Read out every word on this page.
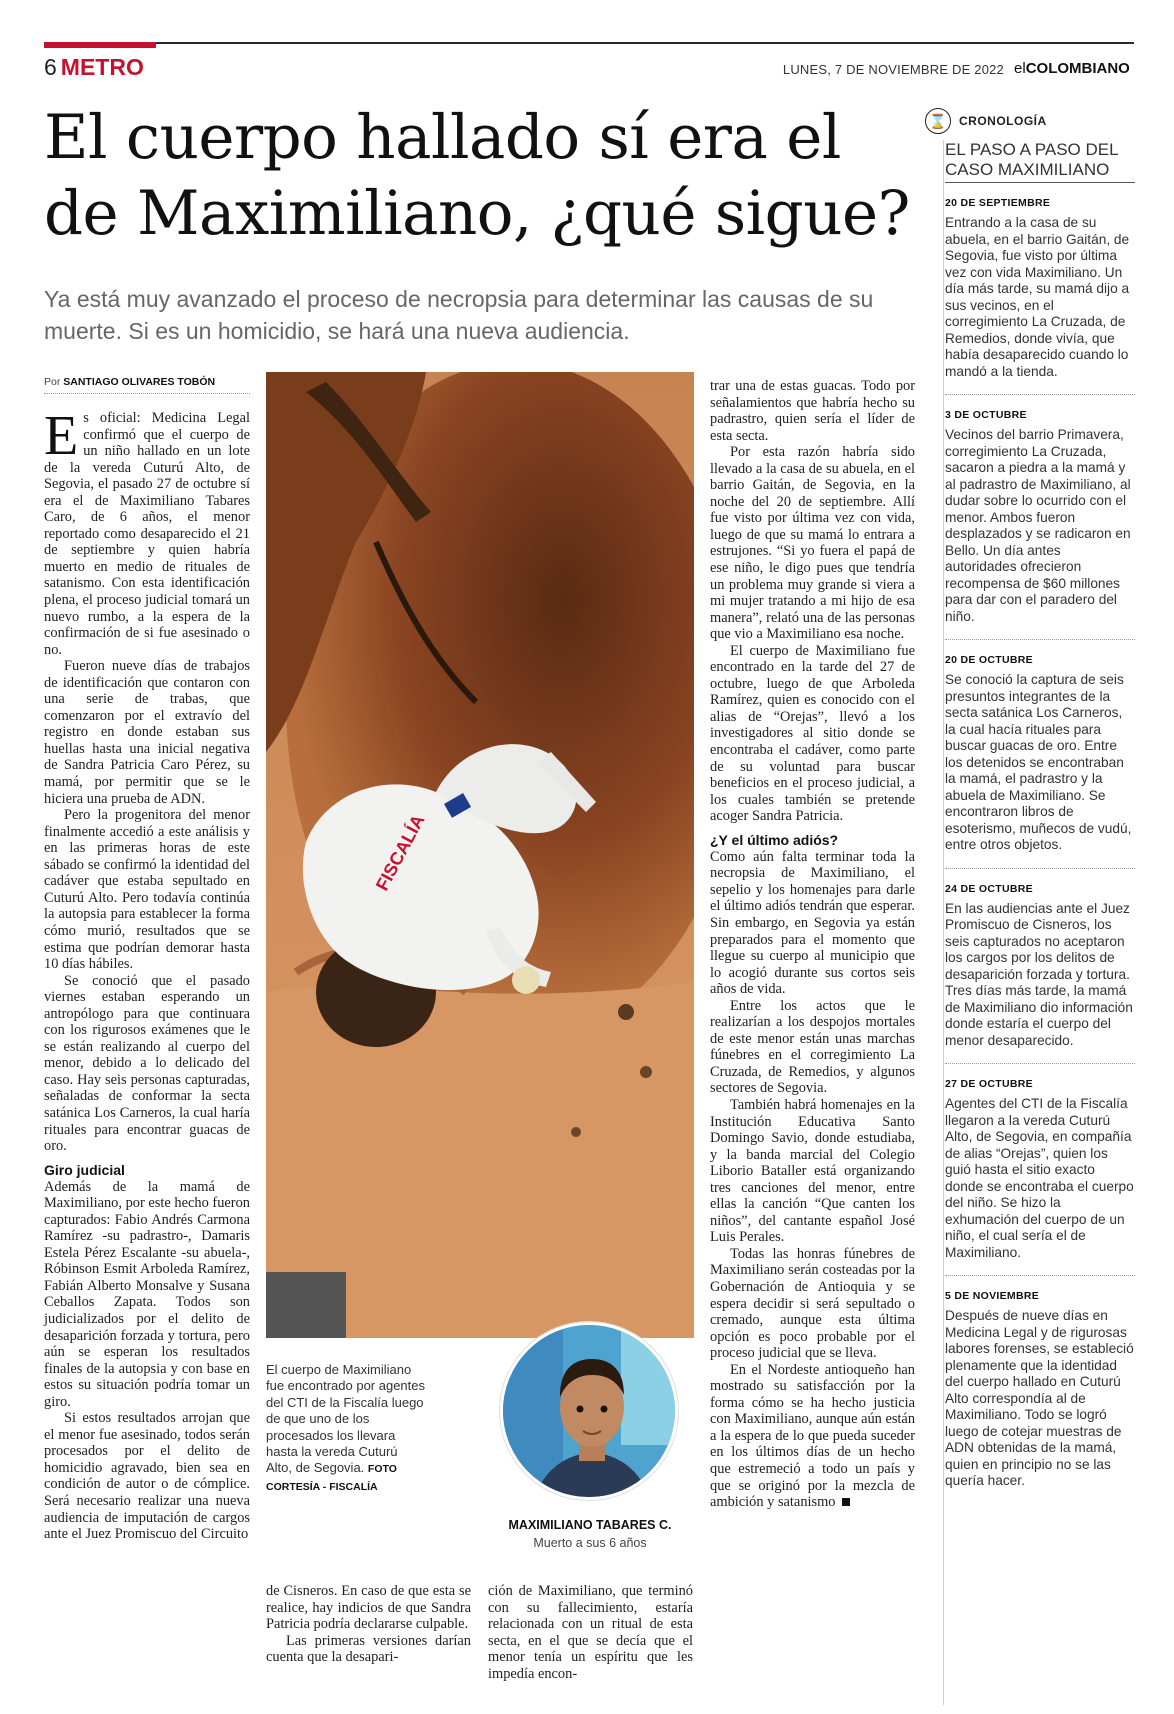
6 METRO	LUNES, 7 DE NOVIEMBRE DE 2022 elCOLOMBIANO
El cuerpo hallado sí era el de Maximiliano, ¿qué sigue?
Ya está muy avanzado el proceso de necropsia para determinar las causas de su muerte. Si es un homicidio, se hará una nueva audiencia.
Por SANTIAGO OLIVARES TOBÓN

Es oficial: Medicina Legal confirmó que el cuerpo de un niño hallado en un lote de la vereda Cuturú Alto, de Segovia, el pasado 27 de octubre sí era el de Maximiliano Tabares Caro, de 6 años, el menor reportado como desaparecido el 21 de septiembre y quien habría muerto en medio de rituales de satanismo. Con esta identificación plena, el proceso judicial tomará un nuevo rumbo, a la espera de la confirmación de si fue asesinado o no.

Fueron nueve días de trabajos de identificación que contaron con una serie de trabas, que comenzaron por el extravío del registro en donde estaban sus huellas hasta una inicial negativa de Sandra Patricia Caro Pérez, su mamá, por permitir que se le hiciera una prueba de ADN.

Pero la progenitora del menor finalmente accedió a este análisis y en las primeras horas de este sábado se confirmó la identidad del cadáver que estaba sepultado en Cuturú Alto. Pero todavía continúa la autopsia para establecer la forma cómo murió, resultados que se estima que podrían demorar hasta 10 días hábiles.

Se conoció que el pasado viernes estaban esperando un antropólogo para que continuara con los rigurosos exámenes que le se están realizando al cuerpo del menor, debido a lo delicado del caso. Hay seis personas capturadas, señaladas de conformar la secta satánica Los Carneros, la cual haría rituales para encontrar guacas de oro.

Giro judicial

Además de la mamá de Maximiliano, por este hecho fueron capturados: Fabio Andrés Carmona Ramírez -su padrastro-, Damaris Estela Pérez Escalante -su abuela-, Róbinson Esmit Arboleda Ramírez, Fabián Alberto Monsalve y Susana Ceballos Zapata. Todos son judicializados por el delito de desaparición forzada y tortura, pero aún se esperan los resultados finales de la autopsia y con base en estos su situación podría tomar un giro.

Si estos resultados arrojan que el menor fue asesinado, todos serán procesados por el delito de homicidio agravado, bien sea en condición de autor o de cómplice. Será necesario realizar una nueva audiencia de imputación de cargos ante el Juez Promiscuo del Circuito

FISCALÍA
El cuerpo de Maximiliano fue encontrado por agentes del CTI de la Fiscalía luego de que uno de los procesados los llevara hasta la vereda Cuturú Alto, de Segovia. FOTO CORTESÍA - FISCALÍA
MAXIMILIANO TABARES C.
Muerto a sus 6 años

de Cisneros. En caso de que esta se realice, hay indicios de que Sandra Patricia podría declararse culpable.

Las primeras versiones darían cuenta que la desapari-

ción de Maximiliano, que terminó con su fallecimiento, estaría relacionada con un ritual de esta secta, en el que se decía que el menor tenía un espíritu que les impedía encon-

trar una de estas guacas. Todo por señalamientos que habría hecho su padrastro, quien sería el líder de esta secta.

Por esta razón habría sido llevado a la casa de su abuela, en el barrio Gaitán, de Segovia, en la noche del 20 de septiembre. Allí fue visto por última vez con vida, luego de que su mamá lo entrara a estrujones. “Si yo fuera el papá de ese niño, le digo pues que tendría un problema muy grande si viera a mi mujer tratando a mi hijo de esa manera”, relató una de las personas que vio a Maximiliano esa noche.

El cuerpo de Maximiliano fue encontrado en la tarde del 27 de octubre, luego de que Arboleda Ramírez, quien es conocido con el alias de “Orejas”, llevó a los investigadores al sitio donde se encontraba el cadáver, como parte de su voluntad para buscar beneficios en el proceso judicial, a los cuales también se pretende acoger Sandra Patricia.

¿Y el último adiós?

Como aún falta terminar toda la necropsia de Maximiliano, el sepelio y los homenajes para darle el último adiós tendrán que esperar. Sin embargo, en Segovia ya están preparados para el momento que llegue su cuerpo al municipio que lo acogió durante sus cortos seis años de vida.

Entre los actos que le realizarían a los despojos mortales de este menor están unas marchas fúnebres en el corregimiento La Cruzada, de Remedios, y algunos sectores de Segovia.

También habrá homenajes en la Institución Educativa Santo Domingo Savio, donde estudiaba, y la banda marcial del Colegio Liborio Bataller está organizando tres canciones del menor, entre ellas la canción “Que canten los niños”, del cantante español José Luis Perales.

Todas las honras fúnebres de Maximiliano serán costeadas por la Gobernación de Antioquia y se espera decidir si será sepultado o cremado, aunque esta última opción es poco probable por el proceso judicial que se lleva.

En el Nordeste antioqueño han mostrado su satisfacción por la forma cómo se ha hecho justicia con Maximiliano, aunque aún están a la espera de lo que pueda suceder en los últimos días de un hecho que estremeció a todo un país y que se originó por la mezcla de ambición y satanismo

⌛	CRONOLOGÍA
EL PASO A PASO DEL CASO MAXIMILIANO
20 DE SEPTIEMBRE
Entrando a la casa de su abuela, en el barrio Gaitán, de Segovia, fue visto por última vez con vida Maximiliano. Un día más tarde, su mamá dijo a sus vecinos, en el corregimiento La Cruzada, de Remedios, donde vivía, que había desaparecido cuando lo mandó a la tienda.
3 DE OCTUBRE
Vecinos del barrio Primavera, corregimiento La Cruzada, sacaron a piedra a la mamá y al padrastro de Maximiliano, al dudar sobre lo ocurrido con el menor. Ambos fueron desplazados y se radicaron en Bello. Un día antes autoridades ofrecieron recompensa de $60 millones para dar con el paradero del niño.
20 DE OCTUBRE
Se conoció la captura de seis presuntos integrantes de la secta satánica Los Carneros, la cual hacía rituales para buscar guacas de oro. Entre los detenidos se encontraban la mamá, el padrastro y la abuela de Maximiliano. Se encontraron libros de esoterismo, muñecos de vudú, entre otros objetos.
24 DE OCTUBRE
En las audiencias ante el Juez Promiscuo de Cisneros, los seis capturados no aceptaron los cargos por los delitos de desaparición forzada y tortura. Tres días más tarde, la mamá de Maximiliano dio información donde estaría el cuerpo del menor desaparecido.
27 DE OCTUBRE
Agentes del CTI de la Fiscalía llegaron a la vereda Cuturú Alto, de Segovia, en compañía de alias “Orejas”, quien los guió hasta el sitio exacto donde se encontraba el cuerpo del niño. Se hizo la exhumación del cuerpo de un niño, el cual sería el de Maximiliano.
5 DE NOVIEMBRE
Después de nueve días en Medicina Legal y de rigurosas labores forenses, se estableció plenamente que la identidad del cuerpo hallado en Cuturú Alto correspondía al de Maximiliano. Todo se logró luego de cotejar muestras de ADN obtenidas de la mamá, quien en principio no se las quería hacer.
